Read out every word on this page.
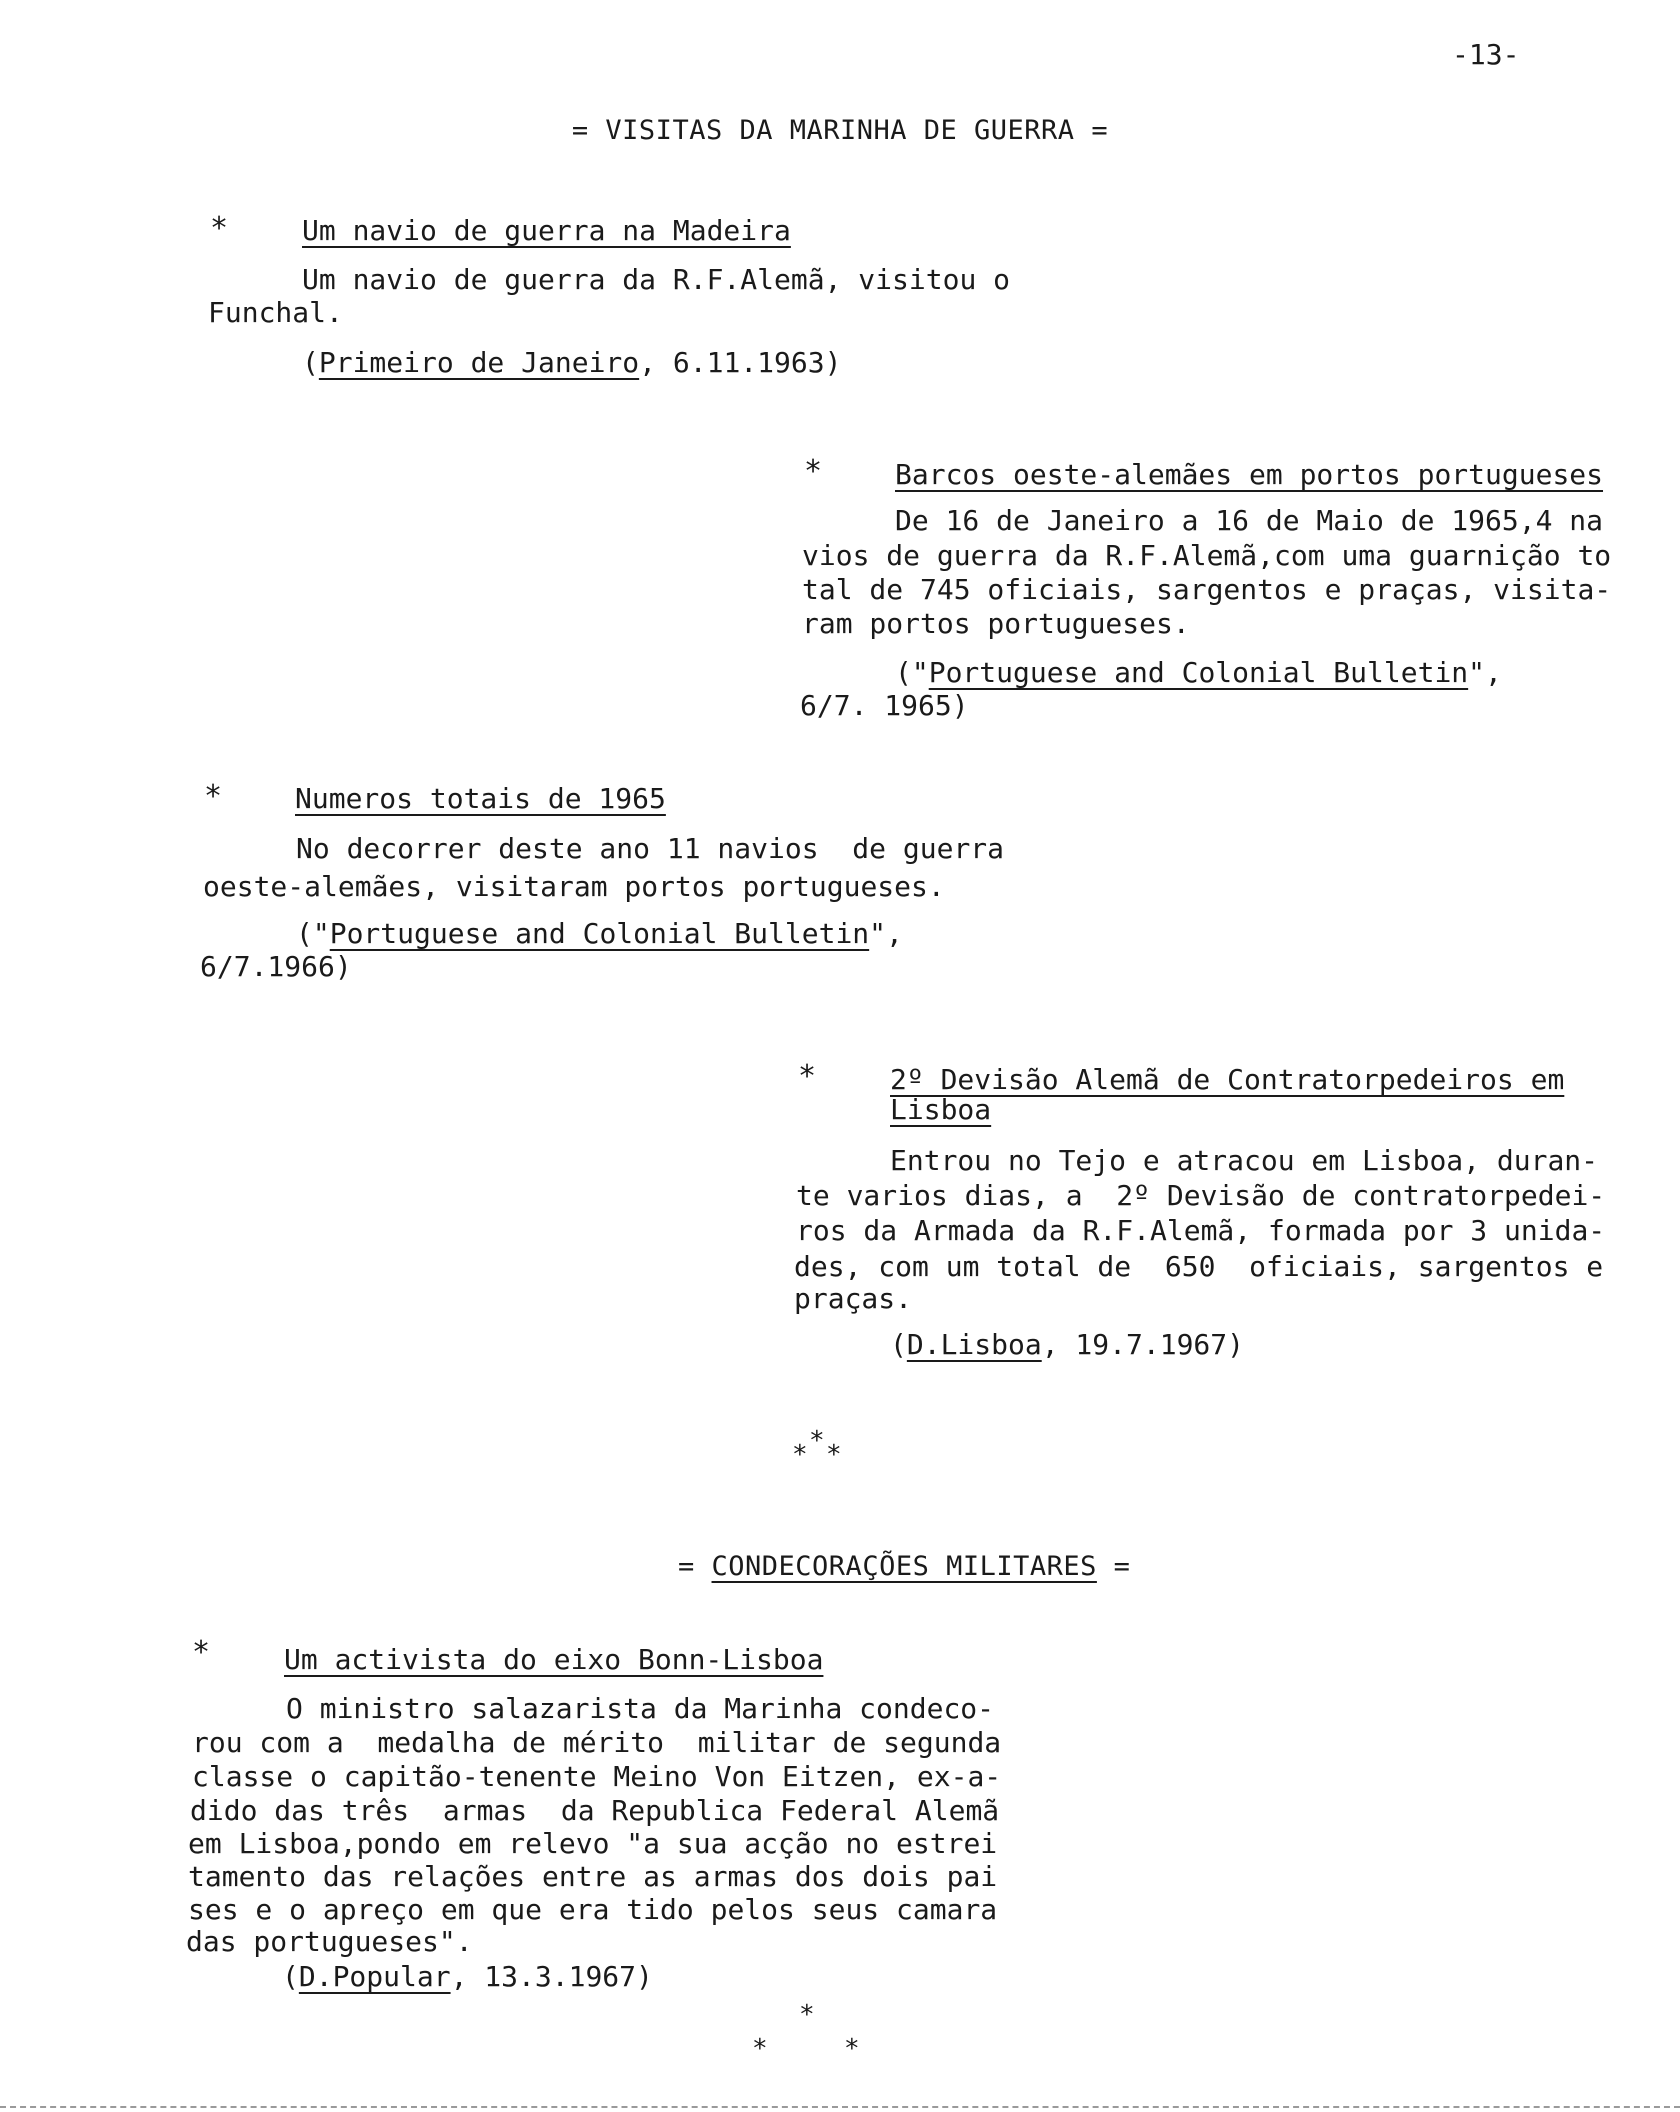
-13-
= VISITAS DA MARINHA DE GUERRA =
*	Um navio de guerra na Madeira
Um navio de guerra da R.F.Alemã, visitou o
Funchal.
(Primeiro de Janeiro, 6.11.1963)
*	Barcos oeste-alemães em portos portugueses
De 16 de Janeiro a 16 de Maio de 1965,4 na
vios de guerra da R.F.Alemã,com uma guarnição to
tal de 745 oficiais, sargentos e praças, visita-
ram portos portugueses.
("Portuguese and Colonial Bulletin",
6/7. 1965)
*	Numeros totais de 1965
No decorrer deste ano 11 navios  de guerra
oeste-alemães, visitaram portos portugueses.
("Portuguese and Colonial Bulletin",
6/7.1966)
*	2º Devisão Alemã de Contratorpedeiros em
Lisboa
Entrou no Tejo e atracou em Lisboa, duran-
te varios dias, a  2º Devisão de contratorpedei-
ros da Armada da R.F.Alemã, formada por 3 unida-
des, com um total de  650  oficiais, sargentos e
praças.
(D.Lisboa, 19.7.1967)
* * *
= CONDECORAÇÕES MILITARES =
*	Um activista do eixo Bonn-Lisboa
O ministro salazarista da Marinha condeco-
rou com a  medalha de mérito  militar de segunda
classe o capitão-tenente Meino Von Eitzen, ex-a-
dido das três  armas  da Republica Federal Alemã
em Lisboa,pondo em relevo "a sua acção no estrei
tamento das relações entre as armas dos dois pai
ses e o apreço em que era tido pelos seus camara
das portugueses".
(D.Popular, 13.3.1967)
*
*	*
